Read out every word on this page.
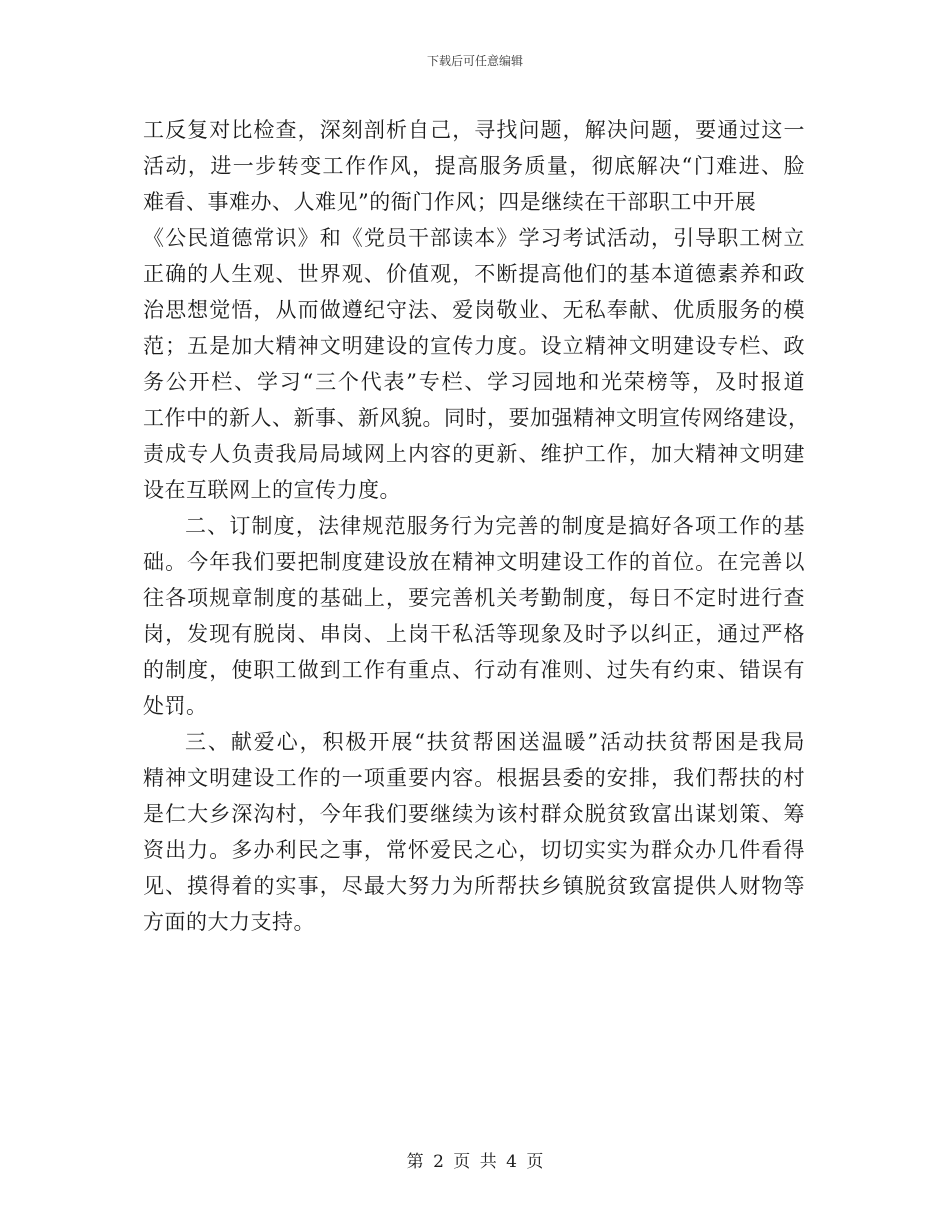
下载后可任意编辑
工反复对比检查，深刻剖析自己，寻找问题，解决问题，要通过这一
活动，进一步转变工作作风，提高服务质量，彻底解决“门难进、脸
难看、事难办、人难见”的衙门作风；四是继续在干部职工中开展
《公民道德常识》和《党员干部读本》学习考试活动，引导职工树立
正确的人生观、世界观、价值观，不断提高他们的基本道德素养和政
治思想觉悟，从而做遵纪守法、爱岗敬业、无私奉献、优质服务的模
范；五是加大精神文明建设的宣传力度。设立精神文明建设专栏、政
务公开栏、学习“三个代表”专栏、学习园地和光荣榜等，及时报道
工作中的新人、新事、新风貌。同时，要加强精神文明宣传网络建设，
责成专人负责我局局域网上内容的更新、维护工作，加大精神文明建
设在互联网上的宣传力度。
二、订制度，法律规范服务行为完善的制度是搞好各项工作的基
础。今年我们要把制度建设放在精神文明建设工作的首位。在完善以
往各项规章制度的基础上，要完善机关考勤制度，每日不定时进行查
岗，发现有脱岗、串岗、上岗干私活等现象及时予以纠正，通过严格
的制度，使职工做到工作有重点、行动有准则、过失有约束、错误有
处罚。
三、献爱心，积极开展“扶贫帮困送温暖”活动扶贫帮困是我局
精神文明建设工作的一项重要内容。根据县委的安排，我们帮扶的村
是仁大乡深沟村，今年我们要继续为该村群众脱贫致富出谋划策、筹
资出力。多办利民之事，常怀爱民之心，切切实实为群众办几件看得
见、摸得着的实事，尽最大努力为所帮扶乡镇脱贫致富提供人财物等
方面的大力支持。
第 2 页 共 4 页
